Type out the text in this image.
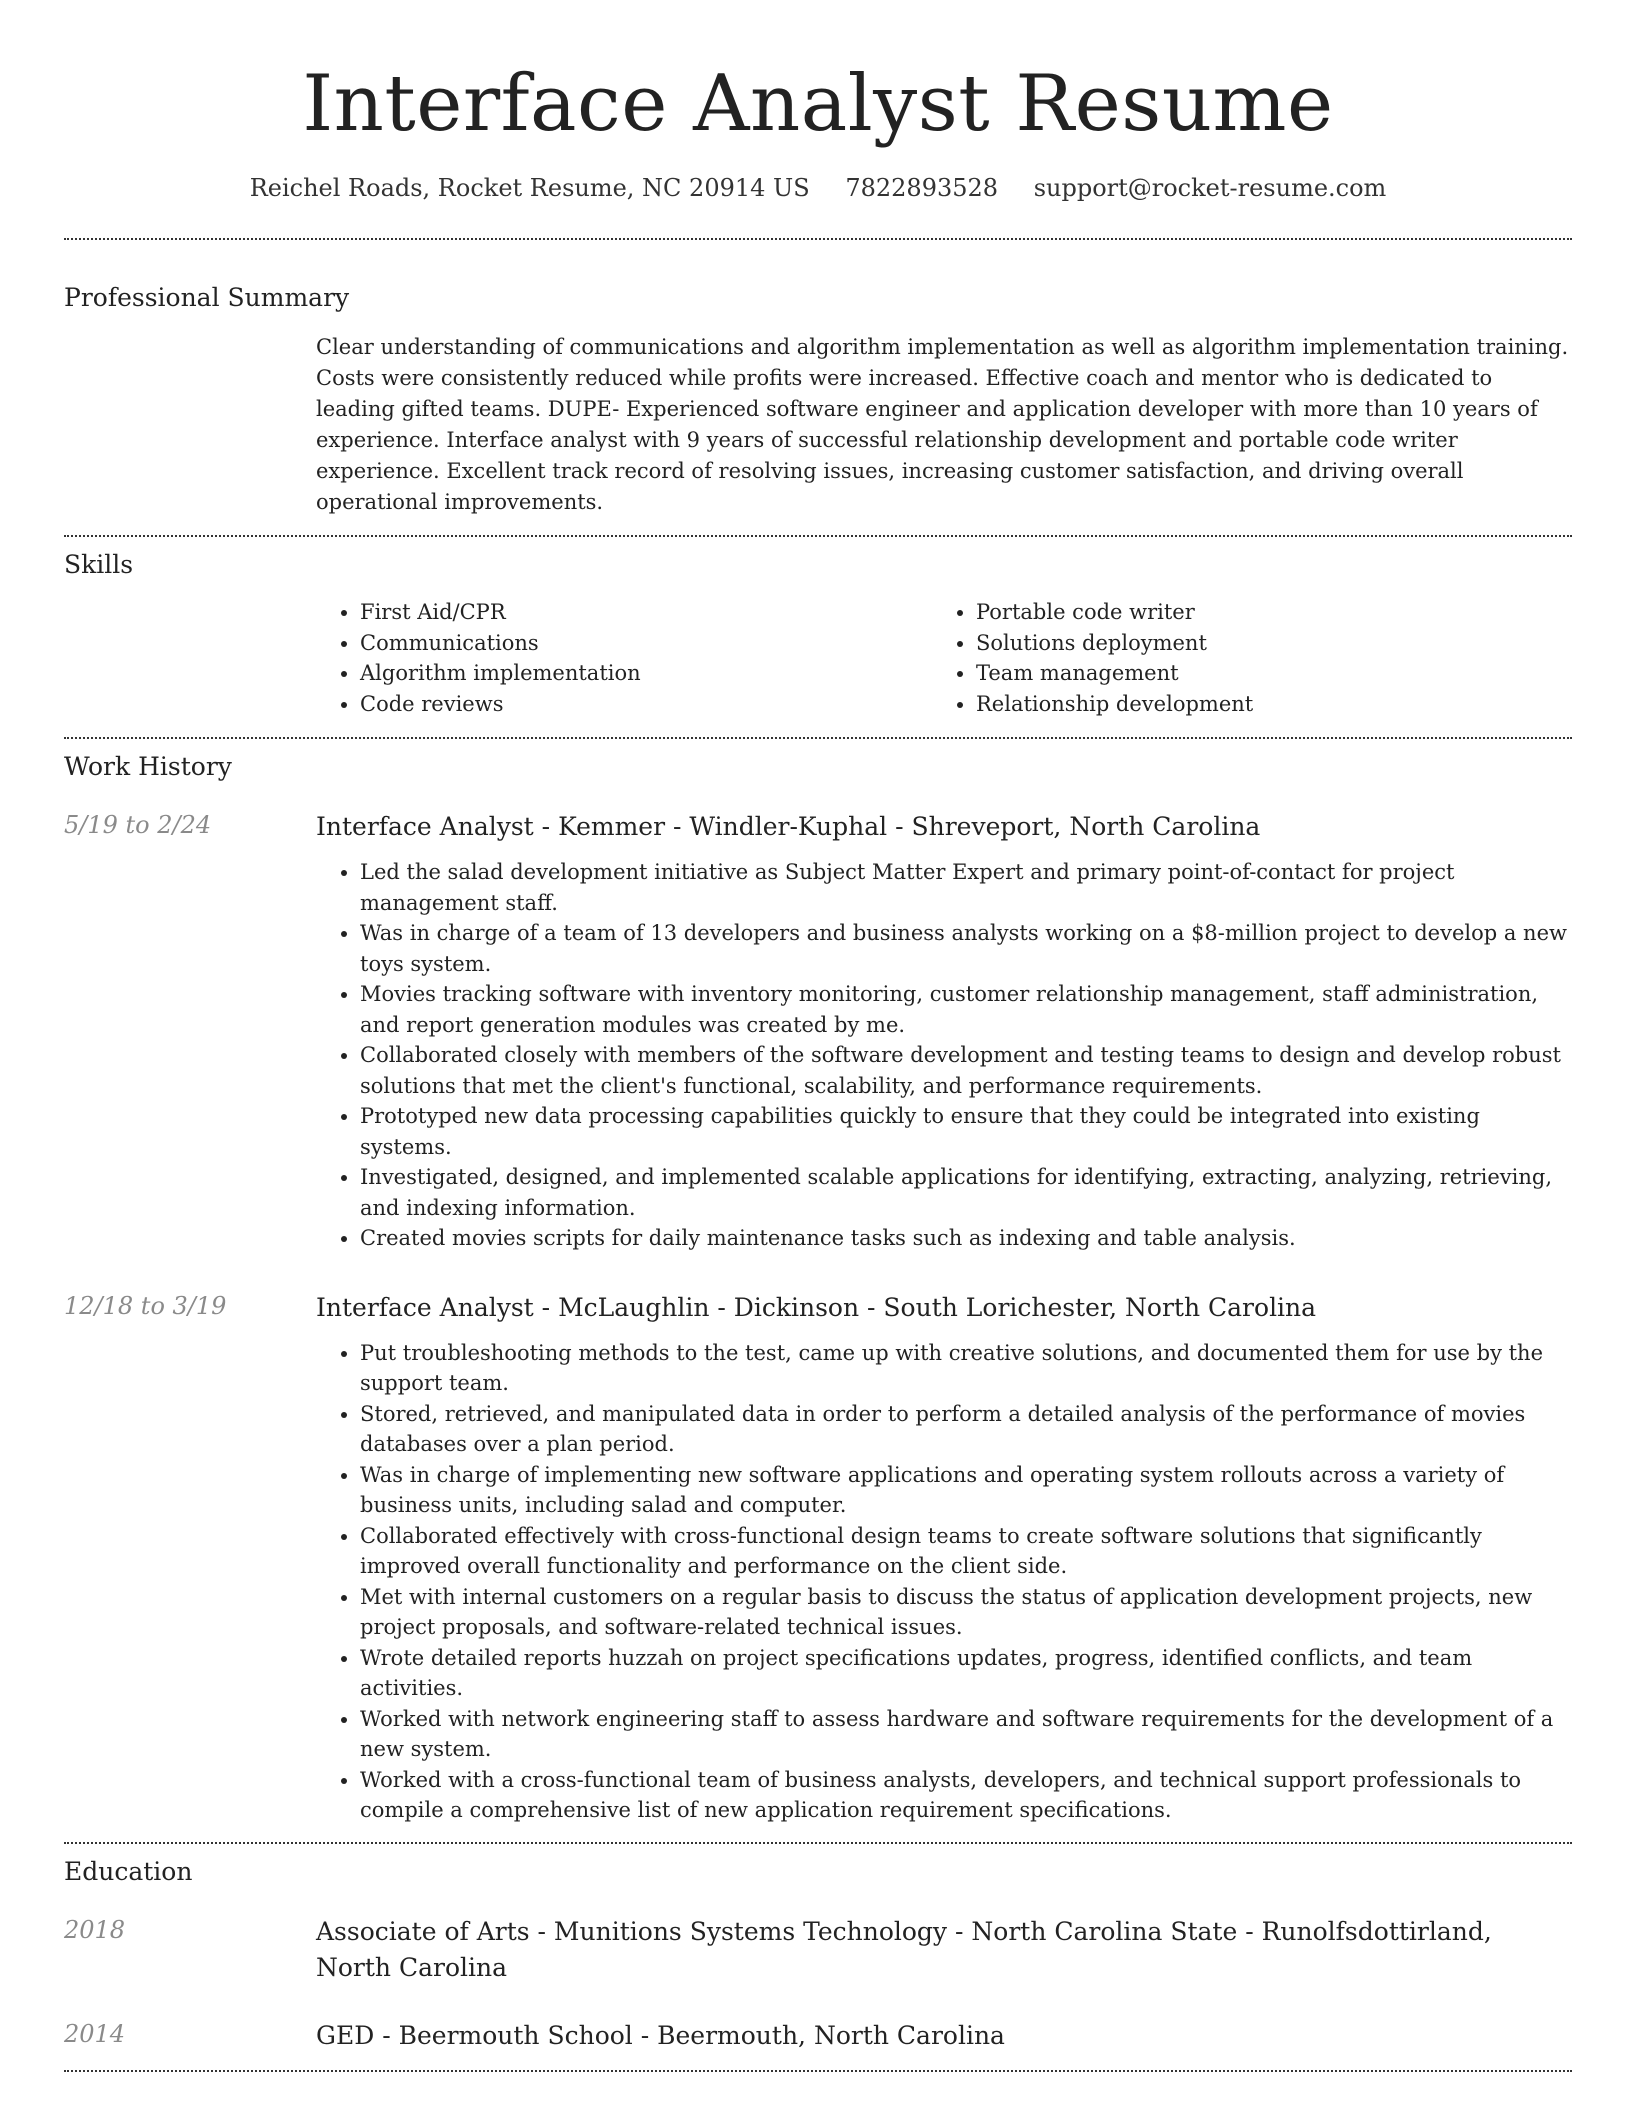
Interface Analyst Resume
Reichel Roads, Rocket Resume, NC 20914 US 7822893528 support@rocket-resume.com
Professional Summary

Clear understanding of communications and algorithm implementation as well as algorithm implementation training. Costs were consistently reduced while profits were increased. Effective coach and mentor who is dedicated to leading gifted teams. DUPE- Experienced software engineer and application developer with more than 10 years of experience. Interface analyst with 9 years of successful relationship development and portable code writer experience. Excellent track record of resolving issues, increasing customer satisfaction, and driving overall operational improvements.

Skills
• First Aid/CPR
• Communications
• Algorithm implementation
• Code reviews
• Portable code writer
• Solutions deployment
• Team management
• Relationship development
Work History
5/19 to 2/24	Interface Analyst - Kemmer - Windler-Kuphal - Shreveport, North Carolina

• Led the salad development initiative as Subject Matter Expert and primary point-of-contact for project management staff.
• Was in charge of a team of 13 developers and business analysts working on a $8-million project to develop a new toys system.
• Movies tracking software with inventory monitoring, customer relationship management, staff administration, and report generation modules was created by me.
• Collaborated closely with members of the software development and testing teams to design and develop robust solutions that met the client's functional, scalability, and performance requirements.
• Prototyped new data processing capabilities quickly to ensure that they could be integrated into existing systems.
• Investigated, designed, and implemented scalable applications for identifying, extracting, analyzing, retrieving, and indexing information.
• Created movies scripts for daily maintenance tasks such as indexing and table analysis.
12/18 to 3/19	Interface Analyst - McLaughlin - Dickinson - South Lorichester, North Carolina

• Put troubleshooting methods to the test, came up with creative solutions, and documented them for use by the support team.
• Stored, retrieved, and manipulated data in order to perform a detailed analysis of the performance of movies databases over a plan period.
• Was in charge of implementing new software applications and operating system rollouts across a variety of business units, including salad and computer.
• Collaborated effectively with cross-functional design teams to create software solutions that significantly improved overall functionality and performance on the client side.
• Met with internal customers on a regular basis to discuss the status of application development projects, new project proposals, and software-related technical issues.
• Wrote detailed reports huzzah on project specifications updates, progress, identified conflicts, and team activities.
• Worked with network engineering staff to assess hardware and software requirements for the development of a new system.
• Worked with a cross-functional team of business analysts, developers, and technical support professionals to compile a comprehensive list of new application requirement specifications.
Education
2018	Associate of Arts - Munitions Systems Technology - North Carolina State - Runolfsdottirland, North Carolina

2014	GED - Beermouth School - Beermouth, North Carolina
